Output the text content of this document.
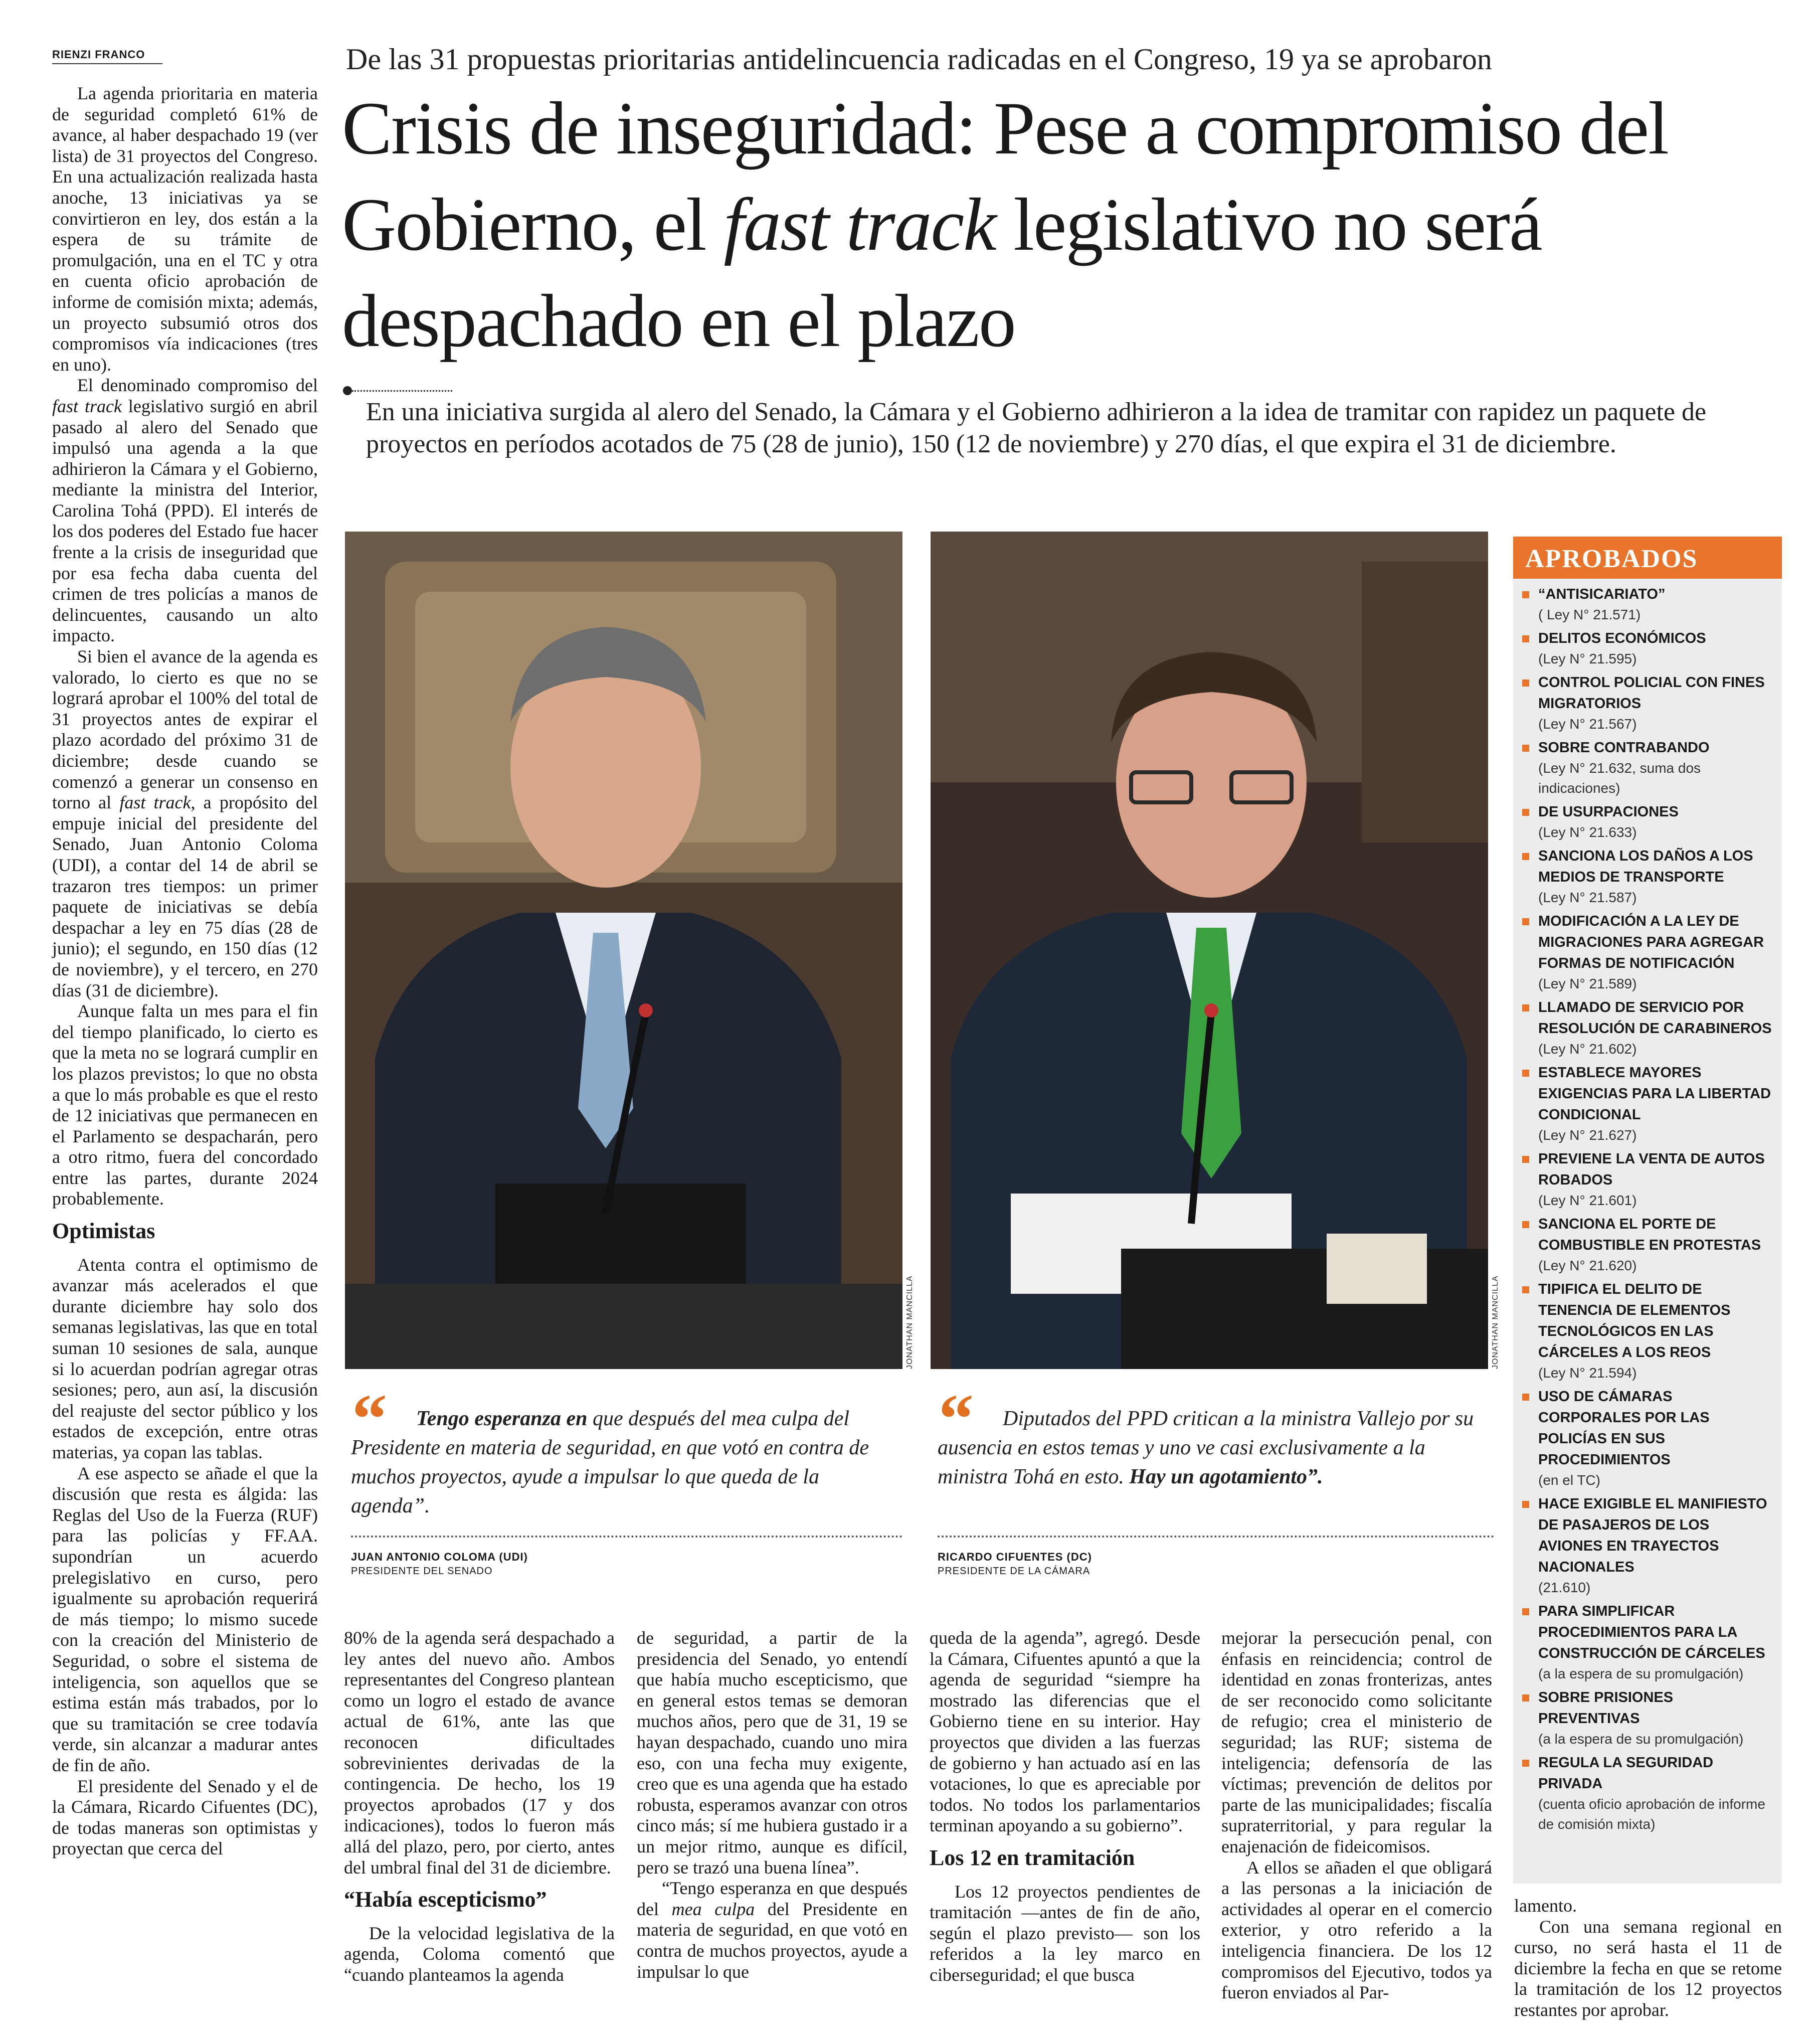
RIENZI FRANCO	De las 31 propuestas prioritarias antidelincuencia radicadas en el Congreso, 19 ya se aprobaron
Crisis de inseguridad: Pese a compromiso del Gobierno, el fast track legislativo no será despachado en el plazo
En una iniciativa surgida al alero del Senado, la Cámara y el Gobierno adhirieron a la idea de tramitar con rapidez un paquete de proyectos en períodos acotados de 75 (28 de junio), 150 (12 de noviembre) y 270 días, el que expira el 31 de diciembre.

La agenda prioritaria en materia de seguridad completó 61% de avance, al haber despachado 19 (ver lista) de 31 proyectos del Congreso. En una actualización realizada hasta anoche, 13 iniciativas ya se convirtieron en ley, dos están a la espera de su trámite de promulgación, una en el TC y otra en cuenta oficio aprobación de informe de comisión mixta; además, un proyecto subsumió otros dos compromisos vía indicaciones (tres en uno).

El denominado compromiso del fast track legislativo surgió en abril pasado al alero del Senado que impulsó una agenda a la que adhirieron la Cámara y el Gobierno, mediante la ministra del Interior, Carolina Tohá (PPD). El interés de los dos poderes del Estado fue hacer frente a la crisis de inseguridad que por esa fecha daba cuenta del crimen de tres policías a manos de delincuentes, causando un alto impacto.

Si bien el avance de la agenda es valorado, lo cierto es que no se logrará aprobar el 100% del total de 31 proyectos antes de expirar el plazo acordado del próximo 31 de diciembre; desde cuando se comenzó a generar un consenso en torno al fast track, a propósito del empuje inicial del presidente del Senado, Juan Antonio Coloma (UDI), a contar del 14 de abril se trazaron tres tiempos: un primer paquete de iniciativas se debía despachar a ley en 75 días (28 de junio); el segundo, en 150 días (12 de noviembre), y el tercero, en 270 días (31 de diciembre).

Aunque falta un mes para el fin del tiempo planificado, lo cierto es que la meta no se logrará cumplir en los plazos previstos; lo que no obsta a que lo más probable es que el resto de 12 iniciativas que permanecen en el Parlamento se despacharán, pero a otro ritmo, fuera del concordado entre las partes, durante 2024 probablemente.

Optimistas

Atenta contra el optimismo de avanzar más acelerados el que durante diciembre hay solo dos semanas legislativas, las que en total suman 10 sesiones de sala, aunque si lo acuerdan podrían agregar otras sesiones; pero, aun así, la discusión del reajuste del sector público y los estados de excepción, entre otras materias, ya copan las tablas.

A ese aspecto se añade el que la discusión que resta es álgida: las Reglas del Uso de la Fuerza (RUF) para las policías y FF.AA. supondrían un acuerdo prelegislativo en curso, pero igualmente su aprobación requerirá de más tiempo; lo mismo sucede con la creación del Ministerio de Seguridad, o sobre el sistema de inteligencia, son aquellos que se estima están más trabados, por lo que su tramitación se cree todavía verde, sin alcanzar a madurar antes de fin de año.

El presidente del Senado y el de la Cámara, Ricardo Cifuentes (DC), de todas maneras son optimistas y proyectan que cerca del

JONATHAN MANCILLA	JONATHAN MANCILLA
“	Tengo esperanza en que después del mea culpa del Presidente en materia de seguridad, en que votó en contra de muchos proyectos, ayude a impulsar lo que queda de la agenda”.
JUAN ANTONIO COLOMA (UDI)
PRESIDENTE DEL SENADO
“	Diputados del PPD critican a la ministra Vallejo por su ausencia en estos temas y uno ve casi exclusivamente a la ministra Tohá en esto. Hay un agotamiento”.
RICARDO CIFUENTES (DC)
PRESIDENTE DE LA CÁMARA

80% de la agenda será despachado a ley antes del nuevo año. Ambos representantes del Congreso plantean como un logro el estado de avance actual de 61%, ante las que reconocen dificultades sobrevinientes derivadas de la contingencia. De hecho, los 19 proyectos aprobados (17 y dos indicaciones), todos lo fueron más allá del plazo, pero, por cierto, antes del umbral final del 31 de diciembre.

“Había escepticismo”

De la velocidad legislativa de la agenda, Coloma comentó que “cuando planteamos la agenda

de seguridad, a partir de la presidencia del Senado, yo entendí que había mucho escepticismo, que en general estos temas se demoran muchos años, pero que de 31, 19 se hayan despachado, cuando uno mira eso, con una fecha muy exigente, creo que es una agenda que ha estado robusta, esperamos avanzar con otros cinco más; sí me hubiera gustado ir a un mejor ritmo, aunque es difícil, pero se trazó una buena línea”.

“Tengo esperanza en que después del mea culpa del Presidente en materia de seguridad, en que votó en contra de muchos proyectos, ayude a impulsar lo que

queda de la agenda”, agregó. Desde la Cámara, Cifuentes apuntó a que la agenda de seguridad “siempre ha mostrado las diferencias que el Gobierno tiene en su interior. Hay proyectos que dividen a las fuerzas de gobierno y han actuado así en las votaciones, lo que es apreciable por todos. No todos los parlamentarios terminan apoyando a su gobierno”.

Los 12 en tramitación

Los 12 proyectos pendientes de tramitación —antes de fin de año, según el plazo previsto— son los referidos a la ley marco en ciberseguridad; el que busca

mejorar la persecución penal, con énfasis en reincidencia; control de identidad en zonas fronterizas, antes de ser reconocido como solicitante de refugio; crea el ministerio de seguridad; las RUF; sistema de inteligencia; defensoría de las víctimas; prevención de delitos por parte de las municipalidades; fiscalía supraterritorial, y para regular la enajenación de fideicomisos.

A ellos se añaden el que obligará a las personas a la iniciación de actividades al operar en el comercio exterior, y otro referido a la inteligencia financiera. De los 12 compromisos del Ejecutivo, todos ya fueron enviados al Par-

APROBADOS
“ANTISICARIATO”
( Ley N° 21.571)
DELITOS ECONÓMICOS
(Ley N° 21.595)
CONTROL POLICIAL CON FINES MIGRATORIOS
(Ley N° 21.567)
SOBRE CONTRABANDO
(Ley N° 21.632, suma dos indicaciones)
DE USURPACIONES
(Ley N° 21.633)
SANCIONA LOS DAÑOS A LOS MEDIOS DE TRANSPORTE
(Ley N° 21.587)
MODIFICACIÓN A LA LEY DE MIGRACIONES PARA AGREGAR FORMAS DE NOTIFICACIÓN
(Ley N° 21.589)
LLAMADO DE SERVICIO POR RESOLUCIÓN DE CARABINEROS
(Ley N° 21.602)
ESTABLECE MAYORES EXIGENCIAS PARA LA LIBERTAD CONDICIONAL
(Ley N° 21.627)
PREVIENE LA VENTA DE AUTOS ROBADOS
(Ley N° 21.601)
SANCIONA EL PORTE DE COMBUSTIBLE EN PROTESTAS
(Ley N° 21.620)
TIPIFICA EL DELITO DE TENENCIA DE ELEMENTOS TECNOLÓGICOS EN LAS CÁRCELES A LOS REOS
(Ley N° 21.594)
USO DE CÁMARAS CORPORALES POR LAS POLICÍAS EN SUS PROCEDIMIENTOS
(en el TC)
HACE EXIGIBLE EL MANIFIESTO DE PASAJEROS DE LOS AVIONES EN TRAYECTOS NACIONALES
(21.610)
PARA SIMPLIFICAR PROCEDIMIENTOS PARA LA CONSTRUCCIÓN DE CÁRCELES
(a la espera de su promulgación)
SOBRE PRISIONES PREVENTIVAS
(a la espera de su promulgación)
REGULA LA SEGURIDAD PRIVADA
(cuenta oficio aprobación de informe de comisión mixta)

lamento.

Con una semana regional en curso, no será hasta el 11 de diciembre la fecha en que se retome la tramitación de los 12 proyectos restantes por aprobar.
